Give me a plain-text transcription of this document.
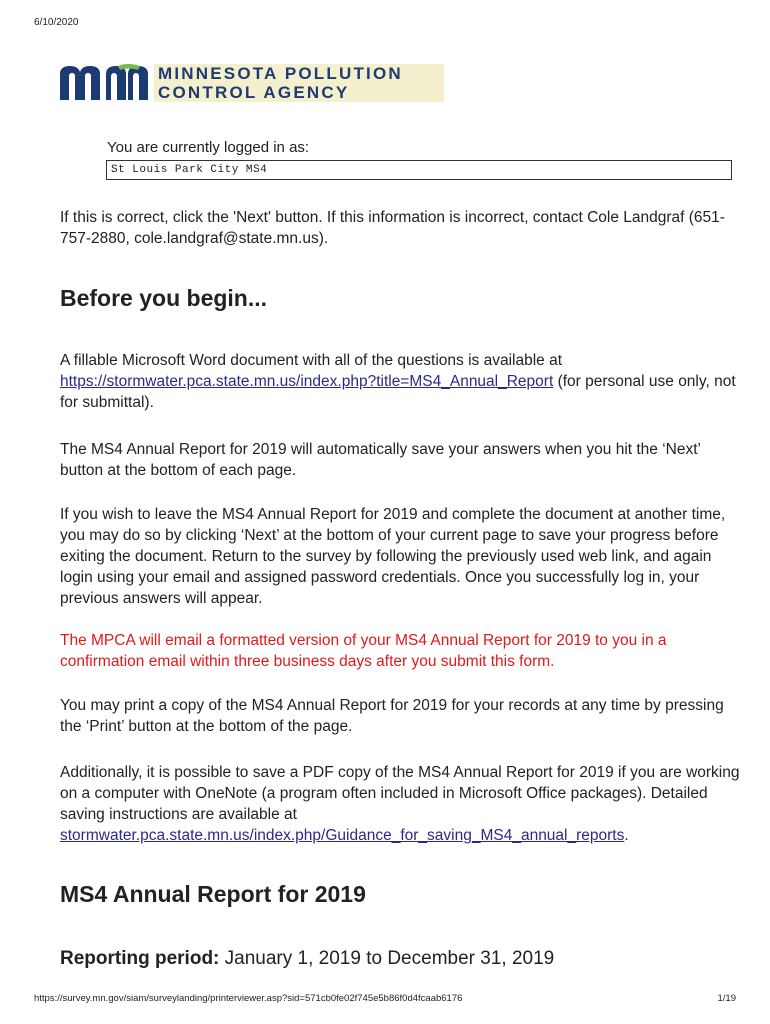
6/10/2020
MINNESOTA POLLUTION
CONTROL AGENCY
You are currently logged in as:
St Louis Park City MS4
If this is correct, click the 'Next' button. If this information is incorrect, contact Cole Landgraf (651-757-2880, cole.landgraf@state.mn.us).
Before you begin...
A fillable Microsoft Word document with all of the questions is available at https://stormwater.pca.state.mn.us/index.php?title=MS4_Annual_Report (for personal use only, not for submittal).
The MS4 Annual Report for 2019 will automatically save your answers when you hit the ‘Next’ button at the bottom of each page.
If you wish to leave the MS4 Annual Report for 2019 and complete the document at another time, you may do so by clicking ‘Next’ at the bottom of your current page to save your progress before exiting the document. Return to the survey by following the previously used web link, and again login using your email and assigned password credentials. Once you successfully log in, your previous answers will appear.
The MPCA will email a formatted version of your MS4 Annual Report for 2019 to you in a confirmation email within three business days after you submit this form.
You may print a copy of the MS4 Annual Report for 2019 for your records at any time by pressing the ‘Print’ button at the bottom of the page.
Additionally, it is possible to save a PDF copy of the MS4 Annual Report for 2019 if you are working on a computer with OneNote (a program often included in Microsoft Office packages). Detailed saving instructions are available at stormwater.pca.state.mn.us/index.php/Guidance_for_saving_MS4_annual_reports.
MS4 Annual Report for 2019
Reporting period: January 1, 2019 to December 31, 2019
https://survey.mn.gov/siam/surveylanding/printerviewer.asp?sid=571cb0fe02f745e5b86f0d4fcaab6176	1/19
